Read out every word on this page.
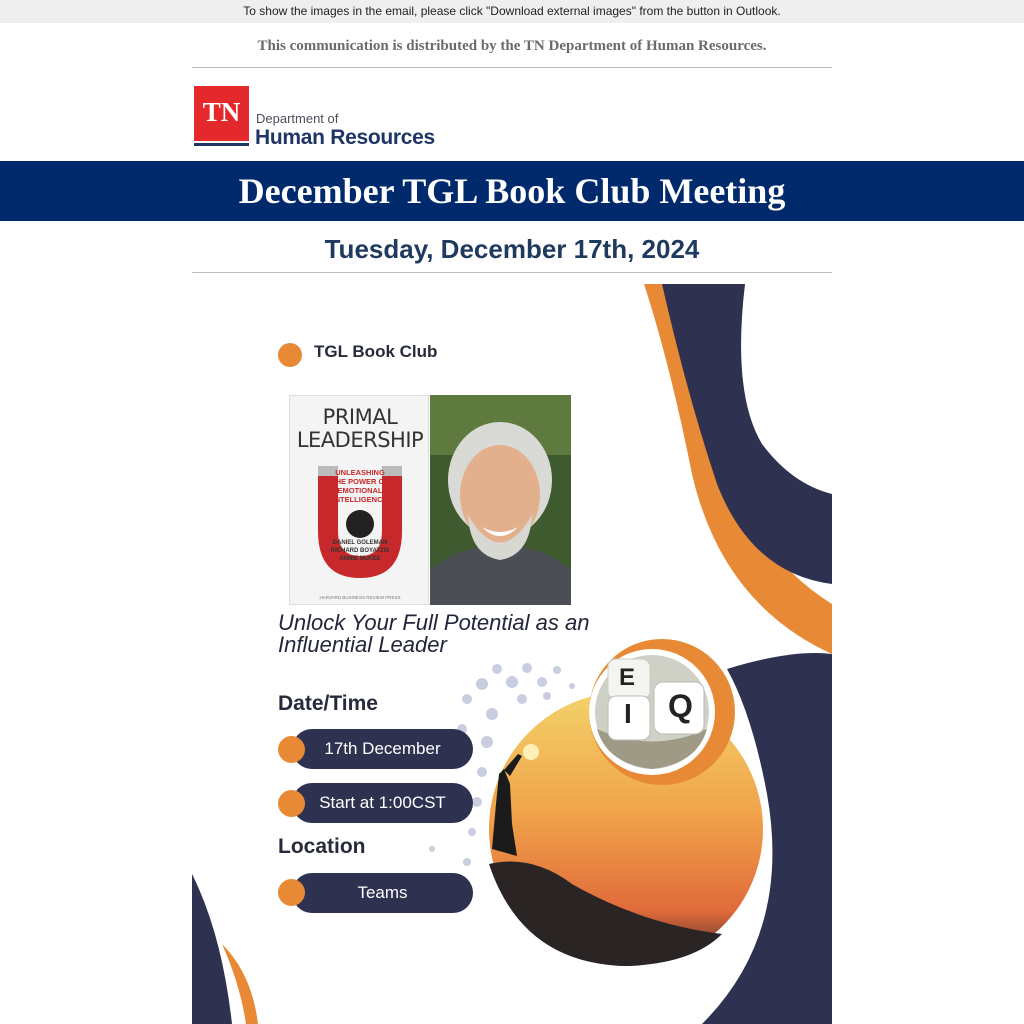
To show the images in the email, please click "Download external images" from the button in Outlook.
This communication is distributed by the TN Department of Human Resources.
TN	Department of
Human Resources
December TGL Book Club Meeting
Tuesday, December 17th, 2024
E
I Q
TGL Book Club
PRIMAL
LEADERSHIP
UNLEASHING
THE POWER OF
EMOTIONAL
INTELLIGENCE
DANIEL GOLEMAN
RICHARD BOYATZIS
ANNIE McKEE
HARVARD BUSINESS REVIEW PRESS
Unlock Your Full Potential as an
Influential Leader
Date/Time
17th December
Start at 1:00CST
Location
Teams
